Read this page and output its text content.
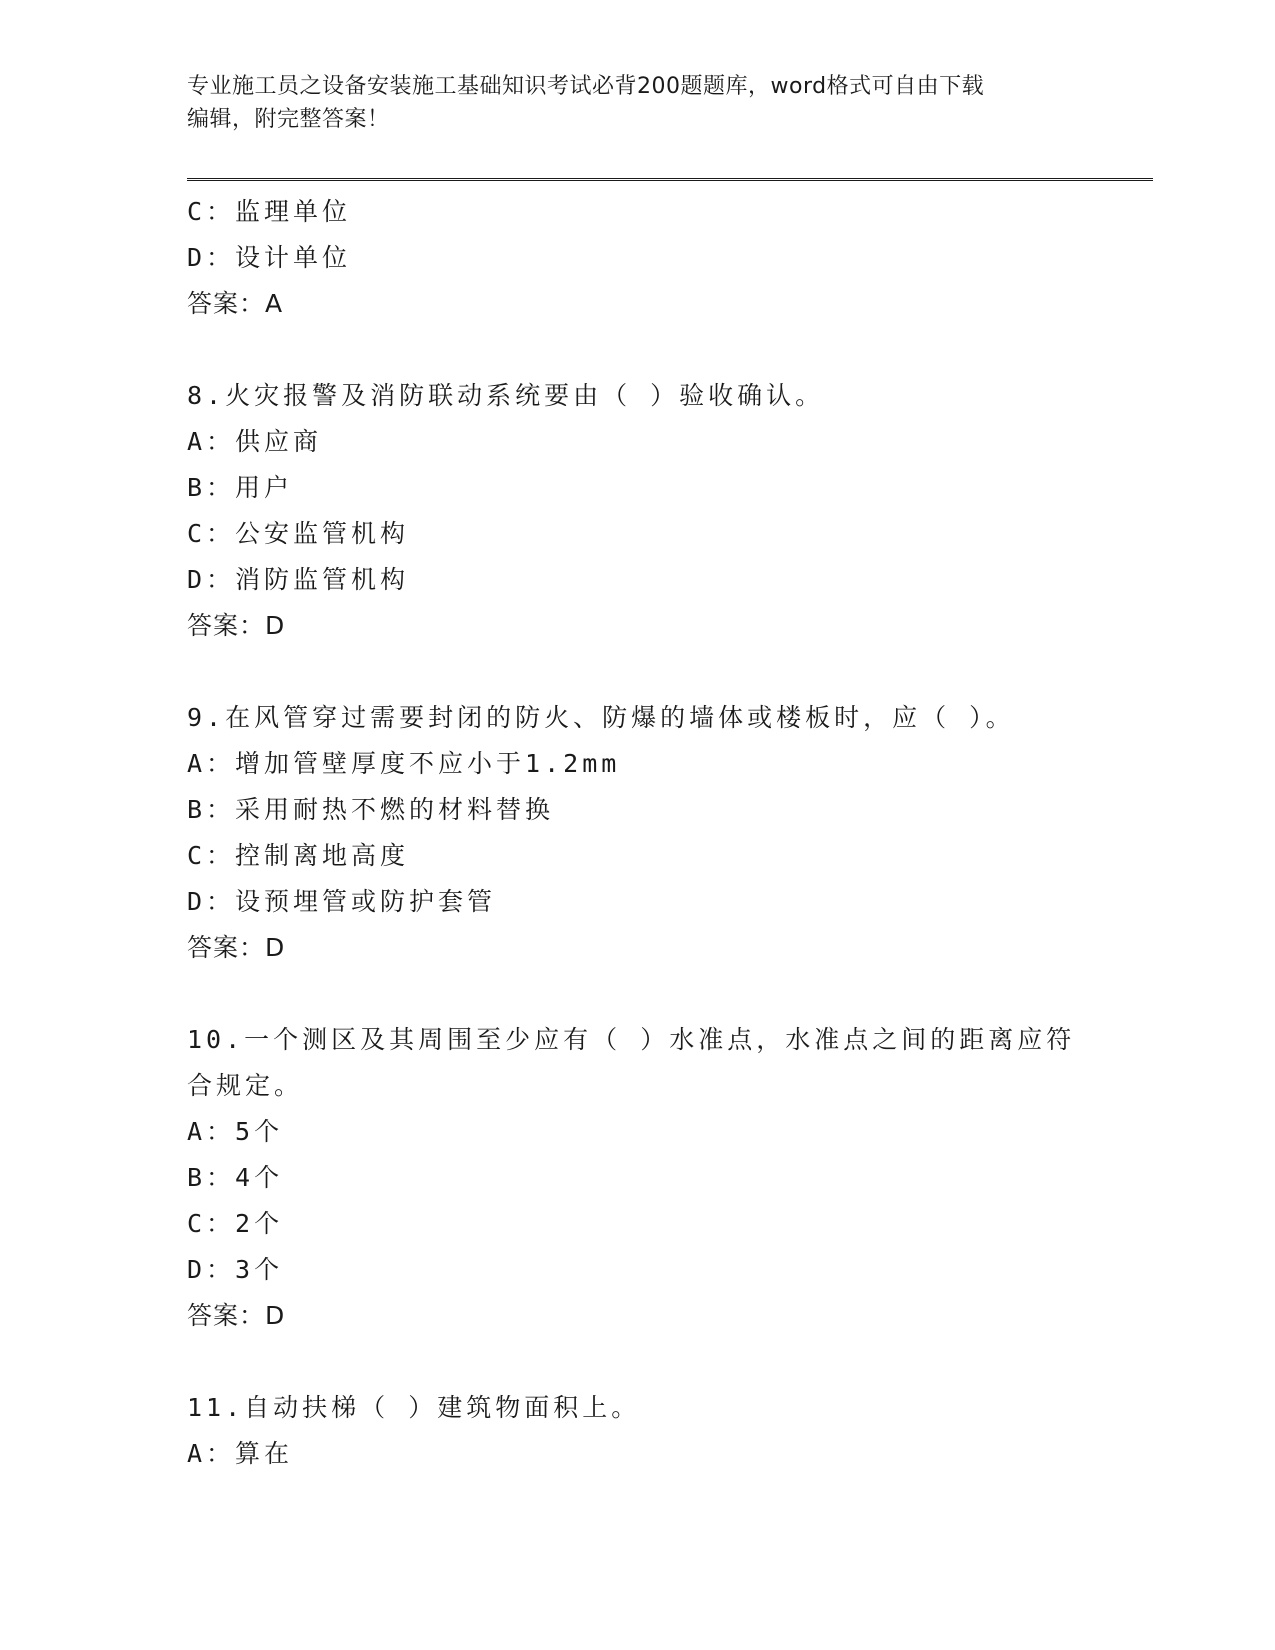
专业施工员之设备安装施工基础知识考试必背200题题库，word格式可自由下载
编辑，附完整答案！
C：监理单位
D：设计单位
答案：A
8.火灾报警及消防联动系统要由（ ）验收确认。
A：供应商
B：用户
C：公安监管机构
D：消防监管机构
答案：D
9.在风管穿过需要封闭的防火、防爆的墙体或楼板时，应（ ）。
A：增加管壁厚度不应小于1.2mm
B：采用耐热不燃的材料替换
C：控制离地高度
D：设预埋管或防护套管
答案：D
10.一个测区及其周围至少应有（ ）水准点，水准点之间的距离应符
合规定。
A：5个
B：4个
C：2个
D：3个
答案：D
11.自动扶梯（ ）建筑物面积上。
A：算在
